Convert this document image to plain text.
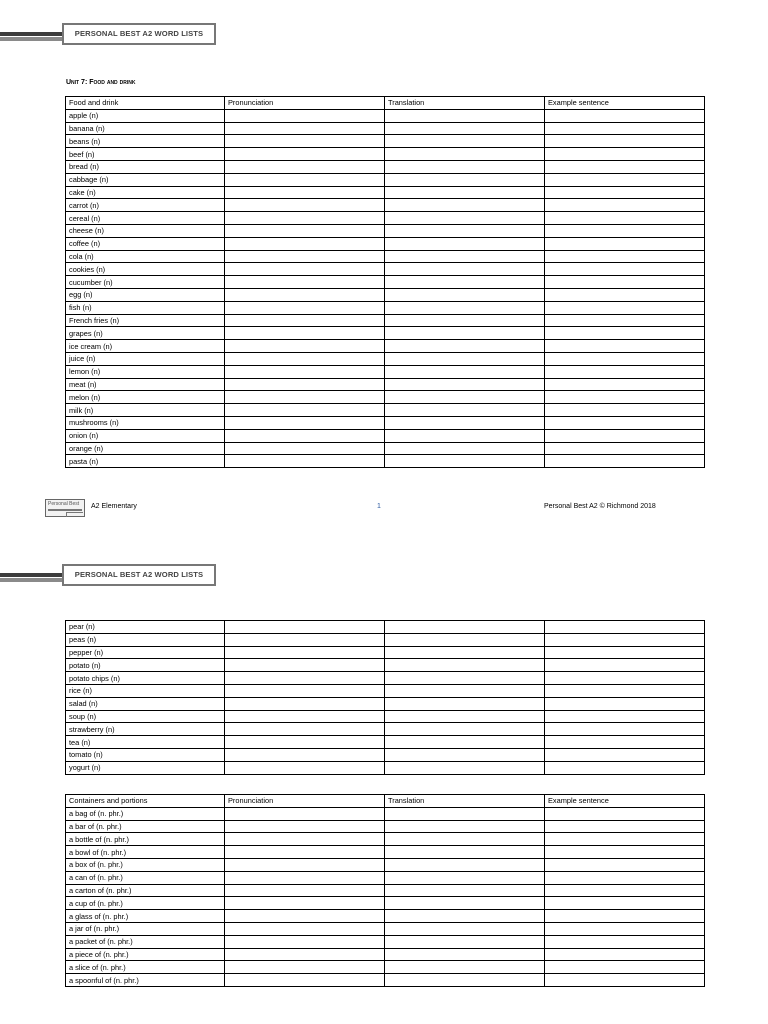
PERSONAL BEST A2 WORD LISTS
Unit 7: Food and drink
Food and drink	Pronunciation	Translation	Example sentence
apple (n)			
banana (n)			
beans (n)			
beef (n)			
bread (n)			
cabbage (n)			
cake (n)			
carrot (n)			
cereal (n)			
cheese (n)			
coffee (n)			
cola (n)			
cookies (n)			
cucumber (n)			
egg (n)			
fish (n)			
French fries (n)			
grapes (n)			
ice cream (n)			
juice (n)			
lemon (n)			
meat (n)			
melon (n)			
milk (n)			
mushrooms (n)			
onion (n)			
orange (n)			
pasta (n)			
Personal Best A2 Elementary	1	Personal Best A2 © Richmond 2018
PERSONAL BEST A2 WORD LISTS
pear (n)			
peas (n)			
pepper (n)			
potato (n)			
potato chips (n)			
rice (n)			
salad (n)			
soup (n)			
strawberry (n)			
tea (n)			
tomato (n)			
yogurt (n)			
Containers and portions	Pronunciation	Translation	Example sentence
a bag of (n. phr.)			
a bar of (n. phr.)			
a bottle of (n. phr.)			
a bowl of (n. phr.)			
a box of (n. phr.)			
a can of (n. phr.)			
a carton of (n. phr.)			
a cup of (n. phr.)			
a glass of (n. phr.)			
a jar of (n. phr.)			
a packet of (n. phr.)			
a piece of (n. phr.)			
a slice of (n. phr.)			
a spoonful of (n. phr.)			
